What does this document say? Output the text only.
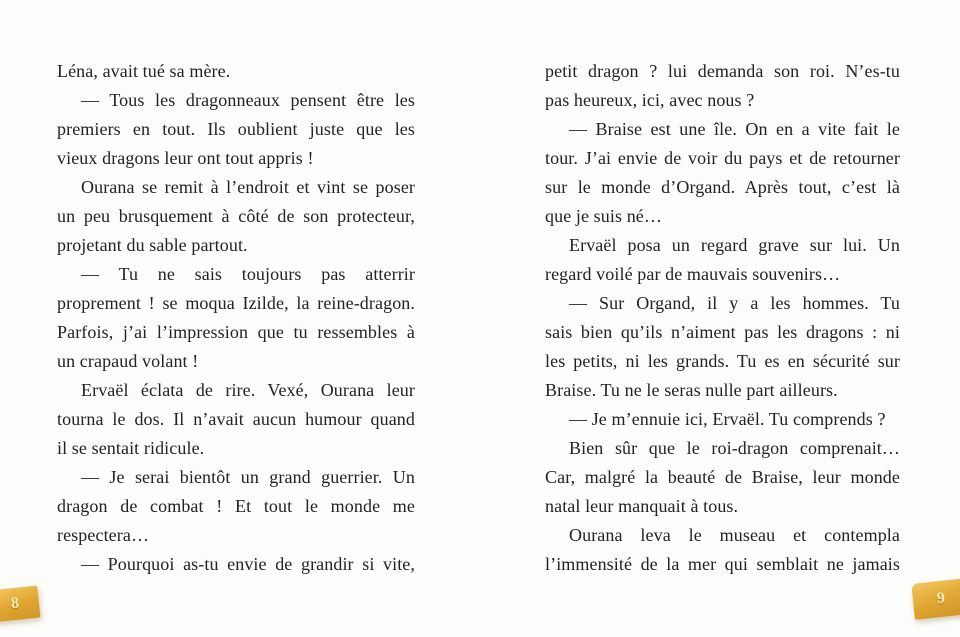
Léna, avait tué sa mère.
— Tous les dragonneaux pensent être les
premiers en tout. Ils oublient juste que les
vieux dragons leur ont tout appris !
Ourana se remit à l’endroit et vint se poser
un peu brusquement à côté de son protecteur,
projetant du sable partout.
— Tu ne sais toujours pas atterrir
proprement ! se moqua Izilde, la reine-dragon.
Parfois, j’ai l’impression que tu ressembles à
un crapaud volant !
Ervaël éclata de rire. Vexé, Ourana leur
tourna le dos. Il n’avait aucun humour quand
il se sentait ridicule.
— Je serai bientôt un grand guerrier. Un
dragon de combat ! Et tout le monde me
respectera…
— Pourquoi as-tu envie de grandir si vite,
8
petit dragon ? lui demanda son roi. N’es-tu
pas heureux, ici, avec nous ?
— Braise est une île. On en a vite fait le
tour. J’ai envie de voir du pays et de retourner
sur le monde d’Organd. Après tout, c’est là
que je suis né…
Ervaël posa un regard grave sur lui. Un
regard voilé par de mauvais souvenirs…
— Sur Organd, il y a les hommes. Tu
sais bien qu’ils n’aiment pas les dragons : ni
les petits, ni les grands. Tu es en sécurité sur
Braise. Tu ne le seras nulle part ailleurs.
— Je m’ennuie ici, Ervaël. Tu comprends ?
Bien sûr que le roi-dragon comprenait…
Car, malgré la beauté de Braise, leur monde
natal leur manquait à tous.
Ourana leva le museau et contempla
l’immensité de la mer qui semblait ne jamais
9
